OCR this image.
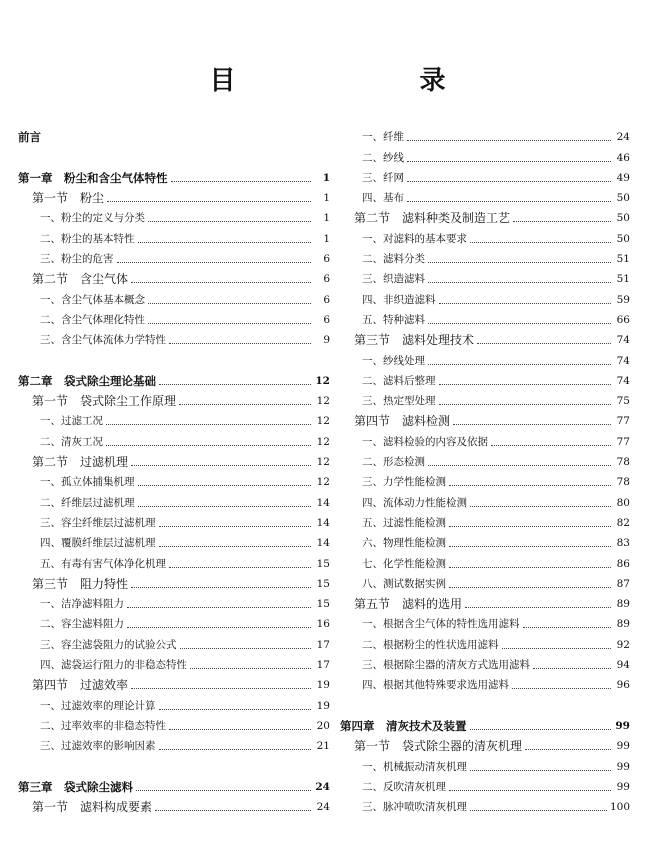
目　　录
前言
第一章　粉尘和含尘气体特性	1
第一节　粉尘	1
一、粉尘的定义与分类	1
二、粉尘的基本特性	1
三、粉尘的危害	6
第二节　含尘气体	6
一、含尘气体基本概念	6
二、含尘气体理化特性	6
三、含尘气体流体力学特性	9
第二章　袋式除尘理论基础	12
第一节　袋式除尘工作原理	12
一、过滤工况	12
二、清灰工况	12
第二节　过滤机理	12
一、孤立体捕集机理	12
二、纤维层过滤机理	14
三、容尘纤维层过滤机理	14
四、覆膜纤维层过滤机理	14
五、有毒有害气体净化机理	15
第三节　阻力特性	15
一、洁净滤料阻力	15
二、容尘滤料阻力	16
三、容尘滤袋阻力的试验公式	17
四、滤袋运行阻力的非稳态特性	17
第四节　过滤效率	19
一、过滤效率的理论计算	19
二、过率效率的非稳态特性	20
三、过滤效率的影响因素	21
第三章　袋式除尘滤料	24
第一节　滤料构成要素	24
一、纤维	24
二、纱线	46
三、纤网	49
四、基布	50
第二节　滤料种类及制造工艺	50
一、对滤料的基本要求	50
二、滤料分类	51
三、织造滤料	51
四、非织造滤料	59
五、特种滤料	66
第三节　滤料处理技术	74
一、纱线处理	74
二、滤料后整理	74
三、热定型处理	75
第四节　滤料检测	77
一、滤料检验的内容及依据	77
二、形态检测	78
三、力学性能检测	78
四、流体动力性能检测	80
五、过滤性能检测	82
六、物理性能检测	83
七、化学性能检测	86
八、测试数据实例	87
第五节　滤料的选用	89
一、根据含尘气体的特性选用滤料	89
二、根据粉尘的性状选用滤料	92
三、根据除尘器的清灰方式选用滤料	94
四、根据其他特殊要求选用滤料	96
第四章　清灰技术及装置	99
第一节　袋式除尘器的清灰机理	99
一、机械振动清灰机理	99
二、反吹清灰机理	99
三、脉冲喷吹清灰机理	100
